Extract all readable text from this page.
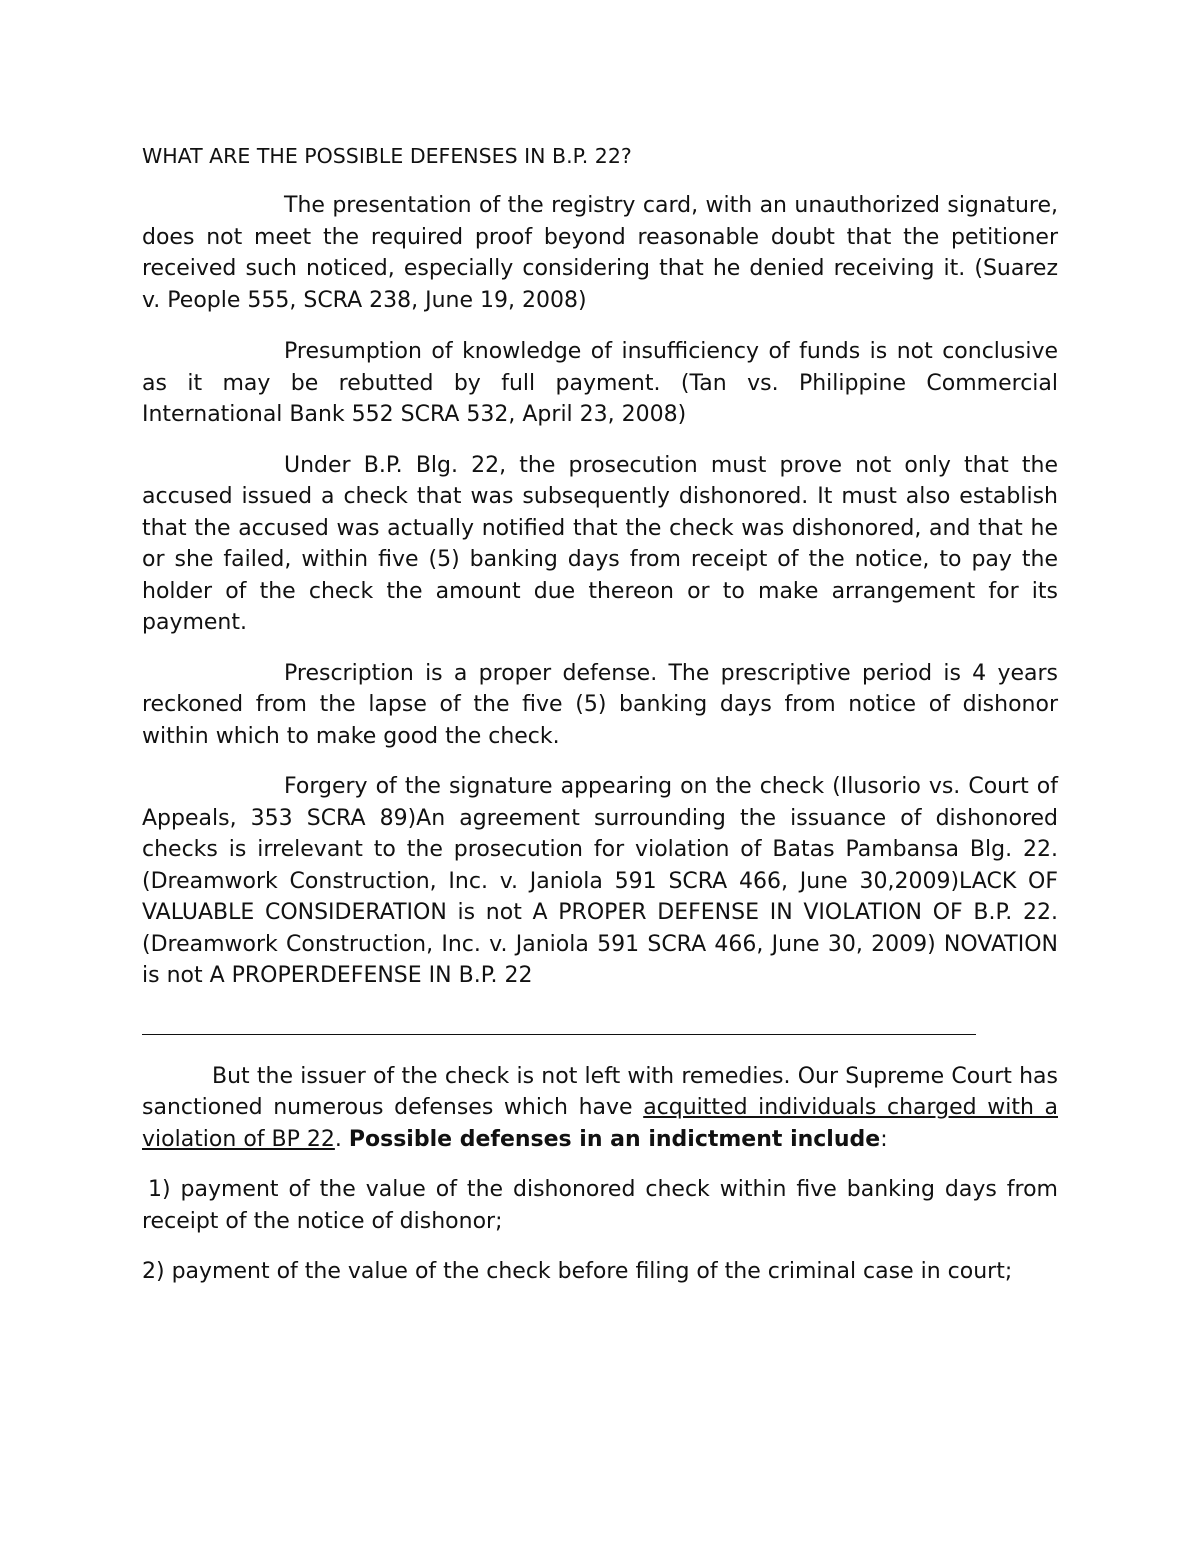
WHAT ARE THE POSSIBLE DEFENSES IN B.P. 22?

The presentation of the registry card, with an unauthorized signature, does not meet the required proof beyond reasonable doubt that the petitioner received such noticed, especially considering that he denied receiving it. (Suarez v. People 555, SCRA 238, June 19, 2008)

Presumption of knowledge of insufficiency of funds is not conclusive as it may be rebutted by full payment. (Tan vs. Philippine Commercial International Bank 552 SCRA 532, April 23, 2008)

Under B.P. Blg. 22, the prosecution must prove not only that the accused issued a check that was subsequently dishonored. It must also establish that the accused was actually notified that the check was dishonored, and that he or she failed, within five (5) banking days from receipt of the notice, to pay the holder of the check the amount due thereon or to make arrangement for its payment.

Prescription is a proper defense. The prescriptive period is 4 years reckoned from the lapse of the five (5) banking days from notice of dishonor within which to make good the check.

Forgery of the signature appearing on the check (Ilusorio vs. Court of Appeals, 353 SCRA 89)An agreement surrounding the issuance of dishonored checks is irrelevant to the prosecution for violation of Batas Pambansa Blg. 22. (Dreamwork Construction, Inc. v. Janiola 591 SCRA 466, June 30,2009)LACK OF VALUABLE CONSIDERATION is not A PROPER DEFENSE IN VIOLATION OF B.P. 22.(Dreamwork Construction, Inc. v. Janiola 591 SCRA 466, June 30, 2009) NOVATION is not A PROPERDEFENSE IN B.P. 22

But the issuer of the check is not left with remedies. Our Supreme Court has sanctioned numerous defenses which have acquitted individuals charged with a violation of BP 22. Possible defenses in an indictment include:

1) payment of the value of the dishonored check within five banking days from receipt of the notice of dishonor;

2) payment of the value of the check before filing of the criminal case in court;
